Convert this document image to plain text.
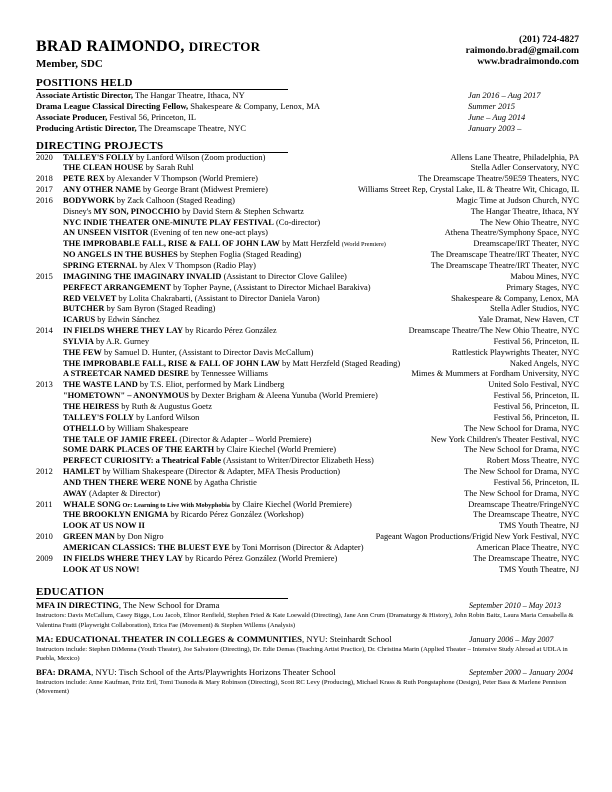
BRAD RAIMONDO, DIRECTOR
Member, SDC
(201) 724-4827
raimondo.brad@gmail.com
www.bradraimondo.com
POSITIONS HELD
Associate Artistic Director, The Hangar Theatre, Ithaca, NY	Jan 2016 – Aug 2017
Drama League Classical Directing Fellow, Shakespeare & Company, Lenox, MA	Summer 2015
Associate Producer, Festival 56, Princeton, IL	June – Aug 2014
Producing Artistic Director, The Dreamscape Theatre, NYC	January 2003 –
DIRECTING PROJECTS
2020	TALLEY'S FOLLY by Lanford Wilson (Zoom production)	Allens Lane Theatre, Philadelphia, PA
THE CLEAN HOUSE by Sarah Ruhl	Stella Adler Conservatory, NYC
2018	PETE REX by Alexander V Thompson (World Premiere)	The Dreamscape Theatre/59E59 Theaters, NYC
2017	ANY OTHER NAME by George Brant (Midwest Premiere)	Williams Street Rep, Crystal Lake, IL & Theatre Wit, Chicago, IL
2016	BODYWORK by Zack Calhoon (Staged Reading)	Magic Time at Judson Church, NYC
Disney's MY SON, PINOCCHIO by David Stern & Stephen Schwartz	The Hangar Theatre, Ithaca, NY
NYC INDIE THEATER ONE-MINUTE PLAY FESTIVAL (Co-director)	The New Ohio Theatre, NYC
AN UNSEEN VISITOR (Evening of ten new one-act plays)	Athena Theatre/Symphony Space, NYC
THE IMPROBABLE FALL, RISE & FALL OF JOHN LAW by Matt Herzfeld (World Premiere)	Dreamscape/IRT Theater, NYC
NO ANGELS IN THE BUSHES by Stephen Foglia (Staged Reading)	The Dreamscape Theatre/IRT Theater, NYC
SPRING ETERNAL by Alex V Thompson (Radio Play)	The Dreamscape Theatre/IRT Theater, NYC
2015	IMAGINING THE IMAGINARY INVALID (Assistant to Director Clove Galilee)	Mabou Mines, NYC
PERFECT ARRANGEMENT by Topher Payne, (Assistant to Director Michael Barakiva)	Primary Stages, NYC
RED VELVET by Lolita Chakrabarti, (Assistant to Director Daniela Varon)	Shakespeare & Company, Lenox, MA
BUTCHER by Sam Byron (Staged Reading)	Stella Adler Studios, NYC
ICARUS by Edwin Sánchez	Yale Dramat, New Haven, CT
2014	IN FIELDS WHERE THEY LAY by Ricardo Pérez González	Dreamscape Theatre/The New Ohio Theatre, NYC
SYLVIA by A.R. Gurney	Festival 56, Princeton, IL
THE FEW by Samuel D. Hunter, (Assistant to Director Davis McCallum)	Rattlestick Playwrights Theater, NYC
THE IMPROBABLE FALL, RISE & FALL OF JOHN LAW by Matt Herzfeld (Staged Reading)	Naked Angels, NYC
A STREETCAR NAMED DESIRE by Tennessee Williams	Mimes & Mummers at Fordham University, NYC
2013	THE WASTE LAND by T.S. Eliot, performed by Mark Lindberg	United Solo Festival, NYC
"HOMETOWN" – ANONYMOUS by Dexter Brigham & Aleena Yunuba (World Premiere)	Festival 56, Princeton, IL
THE HEIRESS by Ruth & Augustus Goetz	Festival 56, Princeton, IL
TALLEY'S FOLLY by Lanford Wilson	Festival 56, Princeton, IL
OTHELLO by William Shakespeare	The New School for Drama, NYC
THE TALE OF JAMIE FREEL (Director & Adapter – World Premiere)	New York Children's Theater Festival, NYC
SOME DARK PLACES OF THE EARTH by Claire Kiechel (World Premiere)	The New School for Drama, NYC
PERFECT CURIOSITY: a Theatrical Fable (Assistant to Writer/Director Elizabeth Hess)	Robert Moss Theatre, NYC
2012	HAMLET by William Shakespeare (Director & Adapter, MFA Thesis Production)	The New School for Drama, NYC
AND THEN THERE WERE NONE by Agatha Christie	Festival 56, Princeton, IL
AWAY (Adapter & Director)	The New School for Drama, NYC
2011	WHALE SONG Or: Learning to Live With Mobyphobia by Claire Kiechel (World Premiere)	Dreamscape Theatre/FringeNYC
THE BROOKLYN ENIGMA by Ricardo Pérez González (Workshop)	The Dreamscape Theatre, NYC
LOOK AT US NOW II	TMS Youth Theatre, NJ
2010	GREEN MAN by Don Nigro	Pageant Wagon Productions/Frigid New York Festival, NYC
AMERICAN CLASSICS: THE BLUEST EYE by Toni Morrison (Director & Adapter)	American Place Theatre, NYC
2009	IN FIELDS WHERE THEY LAY by Ricardo Pérez González (World Premiere)	The Dreamscape Theatre, NYC
LOOK AT US NOW!	TMS Youth Theatre, NJ
EDUCATION
MFA IN DIRECTING, The New School for Drama	September 2010 – May 2013
Instructors: Davis McCallum, Casey Biggs, Lou Jacob, Elinor Renfield, Stephen Fried & Kate Loewald (Directing), Jane Ann Crum (Dramaturgy & History), John Robin Baitz, Laura Maria Censabella & Valentina Fratti (Playwright Collaboration), Erica Fae (Movement) & Stephen Willems (Analysis)
MA: EDUCATIONAL THEATER IN COLLEGES & COMMUNITIES, NYU: Steinhardt School	January 2006 – May 2007
Instructors include: Stephen DiMenna (Youth Theater), Joe Salvatore (Directing), Dr. Edie Demas (Teaching Artist Practice), Dr. Christina Marin (Applied Theater – Intensive Study Abroad at UDLA in Puebla, Mexico)
BFA: DRAMA, NYU: Tisch School of the Arts/Playwrights Horizons Theater School	September 2000 – January 2004
Instructors include: Anne Kaufman, Fritz Ertl, Tomi Tsunoda & Mary Robinson (Directing), Scott RC Levy (Producing), Michael Krass & Ruth Pongstaphone (Design), Peter Bass & Marlene Pennison (Movement)
